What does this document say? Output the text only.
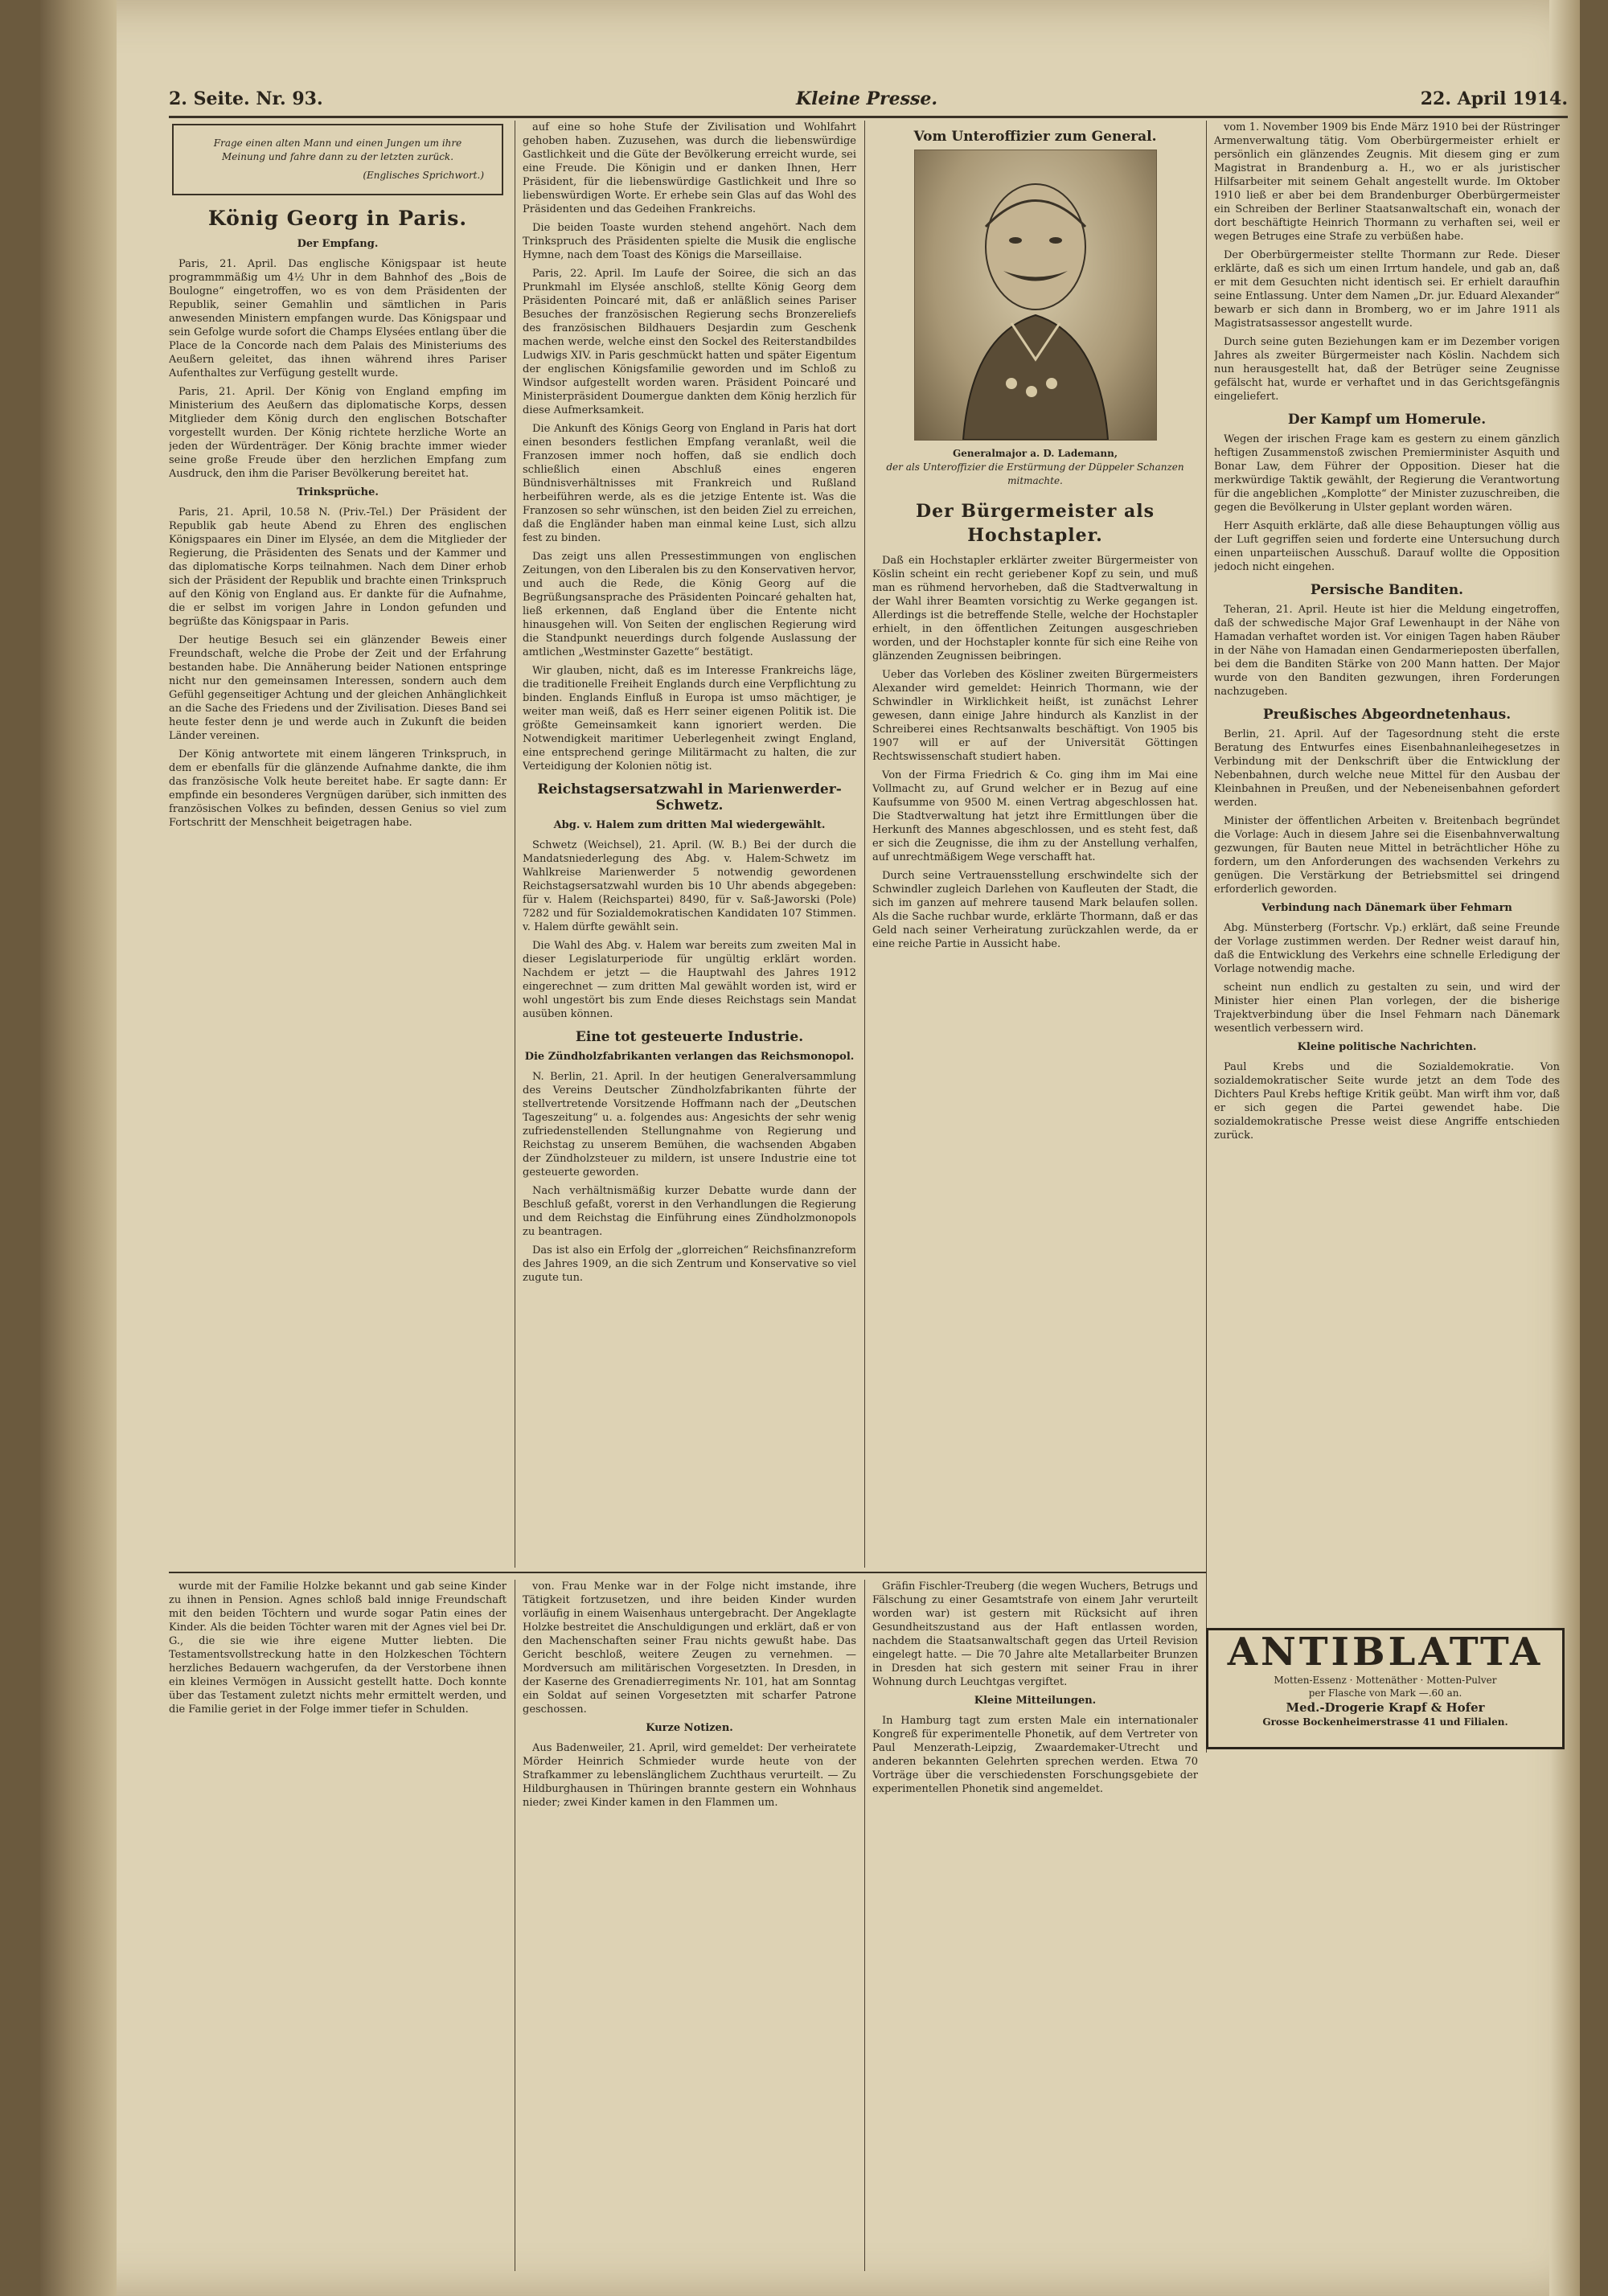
2. Seite. Nr. 93.	Kleine Presse.	22. April 1914.
Frage einen alten Mann und einen Jungen um ihre Meinung und fahre dann zu der letzten zurück.
(Englisches Sprichwort.)
König Georg in Paris.
Der Empfang.

Paris, 21. April. Das englische Königspaar ist heute programmmäßig um 4½ Uhr in dem Bahnhof des „Bois de Boulogne“ eingetroffen, wo es von dem Präsidenten der Republik, seiner Gemahlin und sämtlichen in Paris anwesenden Ministern empfangen wurde. Das Königspaar und sein Gefolge wurde sofort die Champs Elysées entlang über die Place de la Concorde nach dem Palais des Ministeriums des Aeußern geleitet, das ihnen während ihres Pariser Aufenthaltes zur Verfügung gestellt wurde.

Paris, 21. April. Der König von England empfing im Ministerium des Aeußern das diplomatische Korps, dessen Mitglieder dem König durch den englischen Botschafter vorgestellt wurden. Der König richtete herzliche Worte an jeden der Würdenträger. Der König brachte immer wieder seine große Freude über den herzlichen Empfang zum Ausdruck, den ihm die Pariser Bevölkerung bereitet hat.

Trinksprüche.

Paris, 21. April, 10.58 N. (Priv.-Tel.) Der Präsident der Republik gab heute Abend zu Ehren des englischen Königspaares ein Diner im Elysée, an dem die Mitglieder der Regierung, die Präsidenten des Senats und der Kammer und das diplomatische Korps teilnahmen. Nach dem Diner erhob sich der Präsident der Republik und brachte einen Trinkspruch auf den König von England aus. Er dankte für die Aufnahme, die er selbst im vorigen Jahre in London gefunden und begrüßte das Königspaar in Paris.

Der heutige Besuch sei ein glänzender Beweis einer Freundschaft, welche die Probe der Zeit und der Erfahrung bestanden habe. Die Annäherung beider Nationen entspringe nicht nur den gemeinsamen Interessen, sondern auch dem Gefühl gegenseitiger Achtung und der gleichen Anhänglichkeit an die Sache des Friedens und der Zivilisation. Dieses Band sei heute fester denn je und werde auch in Zukunft die beiden Länder vereinen.

Der König antwortete mit einem längeren Trinkspruch, in dem er ebenfalls für die glänzende Aufnahme dankte, die ihm das französische Volk heute bereitet habe. Er sagte dann: Er empfinde ein besonderes Vergnügen darüber, sich inmitten des französischen Volkes zu befinden, dessen Genius so viel zum Fortschritt der Menschheit beigetragen habe.

auf eine so hohe Stufe der Zivilisation und Wohlfahrt gehoben haben. Zuzusehen, was durch die liebenswürdige Gastlichkeit und die Güte der Bevölkerung erreicht wurde, sei eine Freude. Die Königin und er danken Ihnen, Herr Präsident, für die liebenswürdige Gastlichkeit und Ihre so liebenswürdigen Worte. Er erhebe sein Glas auf das Wohl des Präsidenten und das Gedeihen Frankreichs.

Die beiden Toaste wurden stehend angehört. Nach dem Trinkspruch des Präsidenten spielte die Musik die englische Hymne, nach dem Toast des Königs die Marseillaise.

Paris, 22. April. Im Laufe der Soiree, die sich an das Prunkmahl im Elysée anschloß, stellte König Georg dem Präsidenten Poincaré mit, daß er anläßlich seines Pariser Besuches der französischen Regierung sechs Bronzereliefs des französischen Bildhauers Desjardin zum Geschenk machen werde, welche einst den Sockel des Reiterstandbildes Ludwigs XIV. in Paris geschmückt hatten und später Eigentum der englischen Königsfamilie geworden und im Schloß zu Windsor aufgestellt worden waren. Präsident Poincaré und Ministerpräsident Doumergue dankten dem König herzlich für diese Aufmerksamkeit.

Die Ankunft des Königs Georg von England in Paris hat dort einen besonders festlichen Empfang veranlaßt, weil die Franzosen immer noch hoffen, daß sie endlich doch schließlich einen Abschluß eines engeren Bündnisverhältnisses mit Frankreich und Rußland herbeiführen werde, als es die jetzige Entente ist. Was die Franzosen so sehr wünschen, ist den beiden Ziel zu erreichen, daß die Engländer haben man einmal keine Lust, sich allzu fest zu binden.

Das zeigt uns allen Pressestimmungen von englischen Zeitungen, von den Liberalen bis zu den Konservativen hervor, und auch die Rede, die König Georg auf die Begrüßungsansprache des Präsidenten Poincaré gehalten hat, ließ erkennen, daß England über die Entente nicht hinausgehen will. Von Seiten der englischen Regierung wird die Standpunkt neuerdings durch folgende Auslassung der amtlichen „Westminster Gazette“ bestätigt.

Wir glauben, nicht, daß es im Interesse Frankreichs läge, die traditionelle Freiheit Englands durch eine Verpflichtung zu binden. Englands Einfluß in Europa ist umso mächtiger, je weiter man weiß, daß es Herr seiner eigenen Politik ist. Die größte Gemeinsamkeit kann ignoriert werden. Die Notwendigkeit maritimer Ueberlegenheit zwingt England, eine entsprechend geringe Militärmacht zu halten, die zur Verteidigung der Kolonien nötig ist.

Reichstagsersatzwahl in Marienwerder-Schwetz.
Abg. v. Halem zum dritten Mal wiedergewählt.

Schwetz (Weichsel), 21. April. (W. B.) Bei der durch die Mandatsniederlegung des Abg. v. Halem-Schwetz im Wahlkreise Marienwerder 5 notwendig gewordenen Reichstagsersatzwahl wurden bis 10 Uhr abends abgegeben: für v. Halem (Reichspartei) 8490, für v. Saß-Jaworski (Pole) 7282 und für Sozialdemokratischen Kandidaten 107 Stimmen. v. Halem dürfte gewählt sein.

Die Wahl des Abg. v. Halem war bereits zum zweiten Mal in dieser Legislaturperiode für ungültig erklärt worden. Nachdem er jetzt — die Hauptwahl des Jahres 1912 eingerechnet — zum dritten Mal gewählt worden ist, wird er wohl ungestört bis zum Ende dieses Reichstags sein Mandat ausüben können.

Eine tot gesteuerte Industrie.
Die Zündholzfabrikanten verlangen das Reichsmonopol.

N. Berlin, 21. April. In der heutigen Generalversammlung des Vereins Deutscher Zündholzfabrikanten führte der stellvertretende Vorsitzende Hoffmann nach der „Deutschen Tageszeitung“ u. a. folgendes aus: Angesichts der sehr wenig zufriedenstellenden Stellungnahme von Regierung und Reichstag zu unserem Bemühen, die wachsenden Abgaben der Zündholzsteuer zu mildern, ist unsere Industrie eine tot gesteuerte geworden.

Nach verhältnismäßig kurzer Debatte wurde dann der Beschluß gefaßt, vorerst in den Verhandlungen die Regierung und dem Reichstag die Einführung eines Zündholzmonopols zu beantragen.

Das ist also ein Erfolg der „glorreichen“ Reichsfinanzreform des Jahres 1909, an die sich Zentrum und Konservative so viel zugute tun.

Vom Unteroffizier zum General.
Generalmajor a. D. Lademann,
der als Unteroffizier die Erstürmung der Düppeler Schanzen mitmachte.
Der Bürgermeister als Hochstapler.

Daß ein Hochstapler erklärter zweiter Bürgermeister von Köslin scheint ein recht geriebener Kopf zu sein, und muß man es rühmend hervorheben, daß die Stadtverwaltung in der Wahl ihrer Beamten vorsichtig zu Werke gegangen ist. Allerdings ist die betreffende Stelle, welche der Hochstapler erhielt, in den öffentlichen Zeitungen ausgeschrieben worden, und der Hochstapler konnte für sich eine Reihe von glänzenden Zeugnissen beibringen.

Ueber das Vorleben des Kösliner zweiten Bürgermeisters Alexander wird gemeldet: Heinrich Thormann, wie der Schwindler in Wirklichkeit heißt, ist zunächst Lehrer gewesen, dann einige Jahre hindurch als Kanzlist in der Schreiberei eines Rechtsanwalts beschäftigt. Von 1905 bis 1907 will er auf der Universität Göttingen Rechtswissenschaft studiert haben.

Von der Firma Friedrich & Co. ging ihm im Mai eine Vollmacht zu, auf Grund welcher er in Bezug auf eine Kaufsumme von 9500 M. einen Vertrag abgeschlossen hat. Die Stadtverwaltung hat jetzt ihre Ermittlungen über die Herkunft des Mannes abgeschlossen, und es steht fest, daß er sich die Zeugnisse, die ihm zu der Anstellung verhalfen, auf unrechtmäßigem Wege verschafft hat.

Durch seine Vertrauensstellung erschwindelte sich der Schwindler zugleich Darlehen von Kaufleuten der Stadt, die sich im ganzen auf mehrere tausend Mark belaufen sollen. Als die Sache ruchbar wurde, erklärte Thormann, daß er das Geld nach seiner Verheiratung zurückzahlen werde, da er eine reiche Partie in Aussicht habe.

vom 1. November 1909 bis Ende März 1910 bei der Rüstringer Armenverwaltung tätig. Vom Oberbürgermeister erhielt er persönlich ein glänzendes Zeugnis. Mit diesem ging er zum Magistrat in Brandenburg a. H., wo er als juristischer Hilfsarbeiter mit seinem Gehalt angestellt wurde. Im Oktober 1910 ließ er aber bei dem Brandenburger Oberbürgermeister ein Schreiben der Berliner Staatsanwaltschaft ein, wonach der dort beschäftigte Heinrich Thormann zu verhaften sei, weil er wegen Betruges eine Strafe zu verbüßen habe.

Der Oberbürgermeister stellte Thormann zur Rede. Dieser erklärte, daß es sich um einen Irrtum handele, und gab an, daß er mit dem Gesuchten nicht identisch sei. Er erhielt daraufhin seine Entlassung. Unter dem Namen „Dr. jur. Eduard Alexander“ bewarb er sich dann in Bromberg, wo er im Jahre 1911 als Magistratsassessor angestellt wurde.

Durch seine guten Beziehungen kam er im Dezember vorigen Jahres als zweiter Bürgermeister nach Köslin. Nachdem sich nun herausgestellt hat, daß der Betrüger seine Zeugnisse gefälscht hat, wurde er verhaftet und in das Gerichtsgefängnis eingeliefert.

Der Kampf um Homerule.

Wegen der irischen Frage kam es gestern zu einem gänzlich heftigen Zusammenstoß zwischen Premierminister Asquith und Bonar Law, dem Führer der Opposition. Dieser hat die merkwürdige Taktik gewählt, der Regierung die Verantwortung für die angeblichen „Komplotte“ der Minister zuzuschreiben, die gegen die Bevölkerung in Ulster geplant worden wären.

Herr Asquith erklärte, daß alle diese Behauptungen völlig aus der Luft gegriffen seien und forderte eine Untersuchung durch einen unparteiischen Ausschuß. Darauf wollte die Opposition jedoch nicht eingehen.

Persische Banditen.

Teheran, 21. April. Heute ist hier die Meldung eingetroffen, daß der schwedische Major Graf Lewenhaupt in der Nähe von Hamadan verhaftet worden ist. Vor einigen Tagen haben Räuber in der Nähe von Hamadan einen Gendarmerieposten überfallen, bei dem die Banditen Stärke von 200 Mann hatten. Der Major wurde von den Banditen gezwungen, ihren Forderungen nachzugeben.

Preußisches Abgeordnetenhaus.

Berlin, 21. April. Auf der Tagesordnung steht die erste Beratung des Entwurfes eines Eisenbahnanleihegesetzes in Verbindung mit der Denkschrift über die Entwicklung der Nebenbahnen, durch welche neue Mittel für den Ausbau der Kleinbahnen in Preußen, und der Nebeneisenbahnen gefordert werden.

Minister der öffentlichen Arbeiten v. Breitenbach begründet die Vorlage: Auch in diesem Jahre sei die Eisenbahnverwaltung gezwungen, für Bauten neue Mittel in beträchtlicher Höhe zu fordern, um den Anforderungen des wachsenden Verkehrs zu genügen. Die Verstärkung der Betriebsmittel sei dringend erforderlich geworden.

Verbindung nach Dänemark über Fehmarn

Abg. Münsterberg (Fortschr. Vp.) erklärt, daß seine Freunde der Vorlage zustimmen werden. Der Redner weist darauf hin, daß die Entwicklung des Verkehrs eine schnelle Erledigung der Vorlage notwendig mache.

scheint nun endlich zu gestalten zu sein, und wird der Minister hier einen Plan vorlegen, der die bisherige Trajektverbindung über die Insel Fehmarn nach Dänemark wesentlich verbessern wird.

Kleine politische Nachrichten.

Paul Krebs und die Sozialdemokratie. Von sozialdemokratischer Seite wurde jetzt an dem Tode des Dichters Paul Krebs heftige Kritik geübt. Man wirft ihm vor, daß er sich gegen die Partei gewendet habe. Die sozialdemokratische Presse weist diese Angriffe entschieden zurück.

wurde mit der Familie Holzke bekannt und gab seine Kinder zu ihnen in Pension. Agnes schloß bald innige Freundschaft mit den beiden Töchtern und wurde sogar Patin eines der Kinder. Als die beiden Töchter waren mit der Agnes viel bei Dr. G., die sie wie ihre eigene Mutter liebten. Die Testamentsvollstreckung hatte in den Holzkeschen Töchtern herzliches Bedauern wachgerufen, da der Verstorbene ihnen ein kleines Vermögen in Aussicht gestellt hatte. Doch konnte über das Testament zuletzt nichts mehr ermittelt werden, und die Familie geriet in der Folge immer tiefer in Schulden.

von. Frau Menke war in der Folge nicht imstande, ihre Tätigkeit fortzusetzen, und ihre beiden Kinder wurden vorläufig in einem Waisenhaus untergebracht. Der Angeklagte Holzke bestreitet die Anschuldigungen und erklärt, daß er von den Machenschaften seiner Frau nichts gewußt habe. Das Gericht beschloß, weitere Zeugen zu vernehmen. — Mordversuch am militärischen Vorgesetzten. In Dresden, in der Kaserne des Grenadierregiments Nr. 101, hat am Sonntag ein Soldat auf seinen Vorgesetzten mit scharfer Patrone geschossen.

Kurze Notizen.

Aus Badenweiler, 21. April, wird gemeldet: Der verheiratete Mörder Heinrich Schmieder wurde heute von der Strafkammer zu lebenslänglichem Zuchthaus verurteilt. — Zu Hildburghausen in Thüringen brannte gestern ein Wohnhaus nieder; zwei Kinder kamen in den Flammen um.

Gräfin Fischler-Treuberg (die wegen Wuchers, Betrugs und Fälschung zu einer Gesamtstrafe von einem Jahr verurteilt worden war) ist gestern mit Rücksicht auf ihren Gesundheitszustand aus der Haft entlassen worden, nachdem die Staatsanwaltschaft gegen das Urteil Revision eingelegt hatte. — Die 70 Jahre alte Metallarbeiter Brunzen in Dresden hat sich gestern mit seiner Frau in ihrer Wohnung durch Leuchtgas vergiftet.

Kleine Mitteilungen.

In Hamburg tagt zum ersten Male ein internationaler Kongreß für experimentelle Phonetik, auf dem Vertreter von Paul Menzerath-Leipzig, Zwaardemaker-Utrecht und anderen bekannten Gelehrten sprechen werden. Etwa 70 Vorträge über die verschiedensten Forschungsgebiete der experimentellen Phonetik sind angemeldet.

ANTIBLATTA
Motten-Essenz · Mottenäther · Motten-Pulver
per Flasche von Mark —.60 an.
Med.-Drogerie Krapf & Hofer
Grosse Bockenheimerstrasse 41 und Filialen.
